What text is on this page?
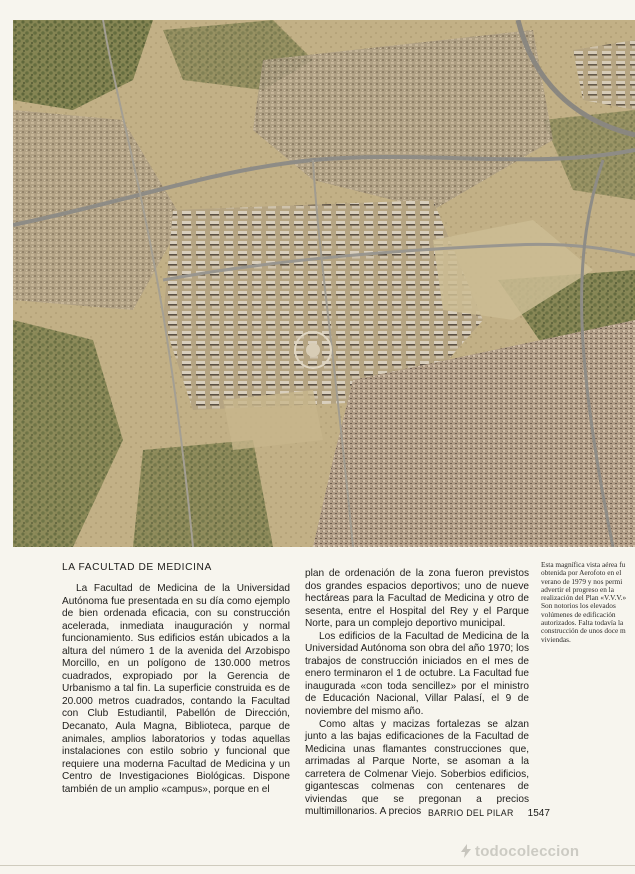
LA FACULTAD DE MEDICINA

La Facultad de Medicina de la Universidad Autónoma fue presentada en su día como ejemplo de bien ordenada eficacia, con su construcción acelerada, inmediata inauguración y normal funcionamiento. Sus edificios están ubicados a la altura del número 1 de la avenida del Arzobispo Morcillo, en un polígono de 130.000 metros cuadrados, expropiado por la Gerencia de Urbanismo a tal fin. La superficie construida es de 20.000 metros cuadrados, contando la Facultad con Club Estudiantil, Pabellón de Dirección, Decanato, Aula Magna, Biblioteca, parque de animales, amplios laboratorios y todas aquellas instalaciones con estilo sobrio y funcional que requiere una moderna Facultad de Medicina y un Centro de Investigaciones Biológicas. Dispone también de un amplio «campus», porque en el

plan de ordenación de la zona fueron previstos dos grandes espacios deportivos; uno de nueve hectáreas para la Facultad de Medicina y otro de sesenta, entre el Hospital del Rey y el Parque Norte, para un complejo deportivo municipal.

Los edificios de la Facultad de Medicina de la Universidad Autónoma son obra del año 1970; los trabajos de construcción iniciados en el mes de enero terminaron el 1 de octubre. La Facultad fue inaugurada «con toda sencillez» por el ministro de Educación Nacional, Villar Palasí, el 9 de noviembre del mismo año.

Como altas y macizas fortalezas se alzan junto a las bajas edificaciones de la Facultad de Medicina unas flamantes construcciones que, arrimadas al Parque Norte, se asoman a la carretera de Colmenar Viejo. Soberbios edificios, gigantescas colmenas con centenares de viviendas que se pregonan a precios multimillonarios. A precios

Esta magnífica vista aérea fu
obtenida por Aerofoto en el
verano de 1979 y nos permi
advertir el progreso en la
realización del Plan «V.V.V.»
Son notorios los elevados
volúmenes de edificación
autorizados. Falta todavía la
construcción de unos doce m
viviendas.
BARRIO DEL PILAR 1547
todocoleccion
